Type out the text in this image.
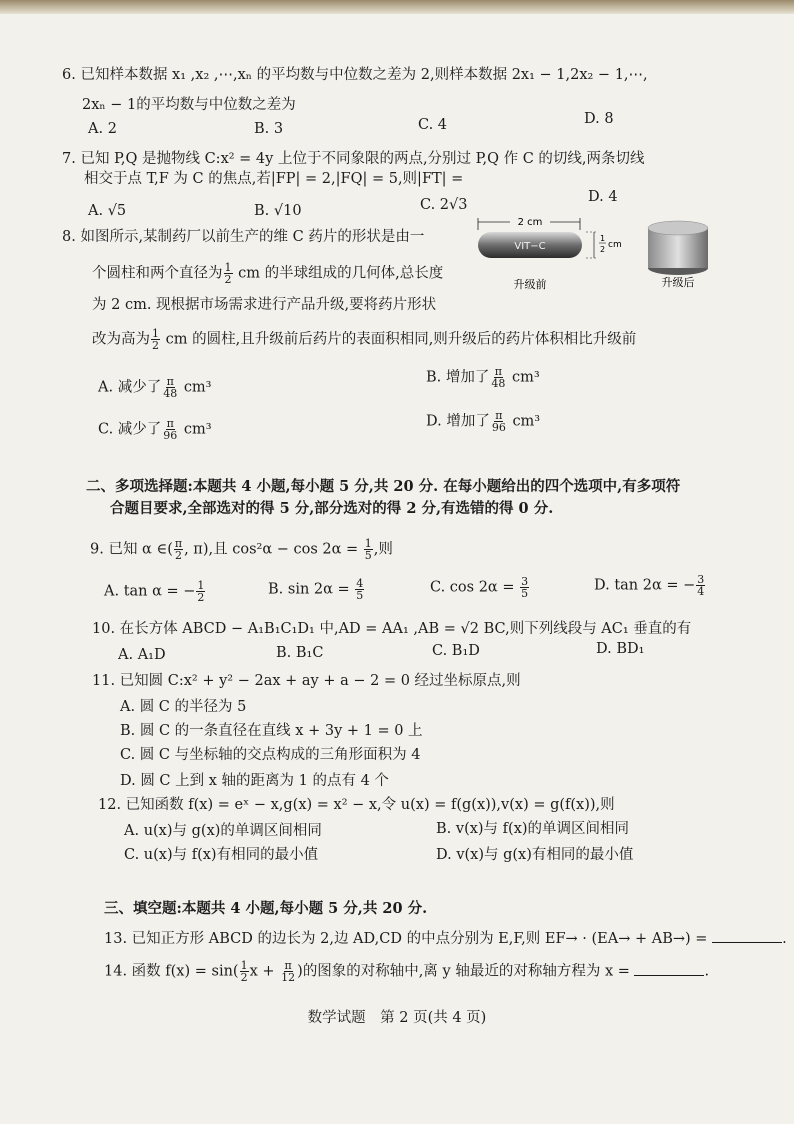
6. 已知样本数据 x₁ ,x₂ ,⋯,xₙ 的平均数与中位数之差为 2,则样本数据 2x₁ − 1,2x₂ − 1,⋯,
2xₙ − 1的平均数与中位数之差为
A. 2	B. 3	C. 4	D. 8
7. 已知 P,Q 是抛物线 C:x² = 4y 上位于不同象限的两点,分别过 P,Q 作 C 的切线,两条切线
相交于点 T,F 为 C 的焦点,若|FP| = 2,|FQ| = 5,则|FT| =
A. √5	B. √10	C. 2√3	D. 4
8. 如图所示,某制药厂以前生产的维 C 药片的形状是由一
个圆柱和两个直径为 $\frac{1}{2}$ cm 的半球组成的几何体,总长度
为 2 cm. 现根据市场需求进行产品升级,要将药片形状
改为高为 $\frac{1}{2}$ cm 的圆柱,且升级前后药片的表面积相同,则升级后的药片体积相比升级前
A. 减少了 $\frac{\pi}{48} cm^3$
B. 增加了 $\frac{\pi}{48} cm^3$
C. 减少了 $\frac{\pi}{96} cm^3$	D. 增加了 $\frac{\pi}{96} cm^3$
2 cm
VIT−C
1
2 cm
升级前	升级后
二、多项选择题:本题共 4 小题,每小题 5 分,共 20 分. 在每小题给出的四个选项中,有多项符
合题目要求,全部选对的得 5 分,部分选对的得 2 分,有选错的得 0 分.
9. 已知 α ∈( $\frac{\pi}{2}$ , π),且 $\cos^2\alpha - \cos 2\alpha = \frac{1}{5}$ ,则
A. tan α = − $\frac{1}{2}$	B. $\sin 2\alpha = \frac{4}{5}$	C. $\cos 2\alpha = \frac{3}{5}$	D. tan 2α = − $\frac{3}{4}$
10. 在长方体 ABCD − A₁B₁C₁D₁ 中,AD = AA₁ ,AB = √2 BC,则下列线段与 AC₁ 垂直的有
A. A₁D	B. B₁C	C. B₁D	D. BD₁
11. 已知圆 C:x² + y² − 2ax + ay + a − 2 = 0 经过坐标原点,则
A. 圆 C 的半径为 5
B. 圆 C 的一条直径在直线 x + 3y + 1 = 0 上
C. 圆 C 与坐标轴的交点构成的三角形面积为 4
D. 圆 C 上到 x 轴的距离为 1 的点有 4 个
12. 已知函数 f(x) = eˣ − x,g(x) = x² − x,令 u(x) = f(g(x)),v(x) = g(f(x)),则
A. u(x)与 g(x)的单调区间相同	B. v(x)与 f(x)的单调区间相同
C. u(x)与 f(x)有相同的最小值	D. v(x)与 g(x)有相同的最小值
三、填空题:本题共 4 小题,每小题 5 分,共 20 分.
13. 已知正方形 ABCD 的边长为 2,边 AD,CD 的中点分别为 E,F,则 EF→ · (EA→ + AB→) =	.
14. 函数 $f(x) = \sin( \frac{1}{2}$ $x + \frac{\pi}{12}$ )的图象的对称轴中,离 y 轴最近的对称轴方程为 x =	.
数学试题　第 2 页(共 4 页)
